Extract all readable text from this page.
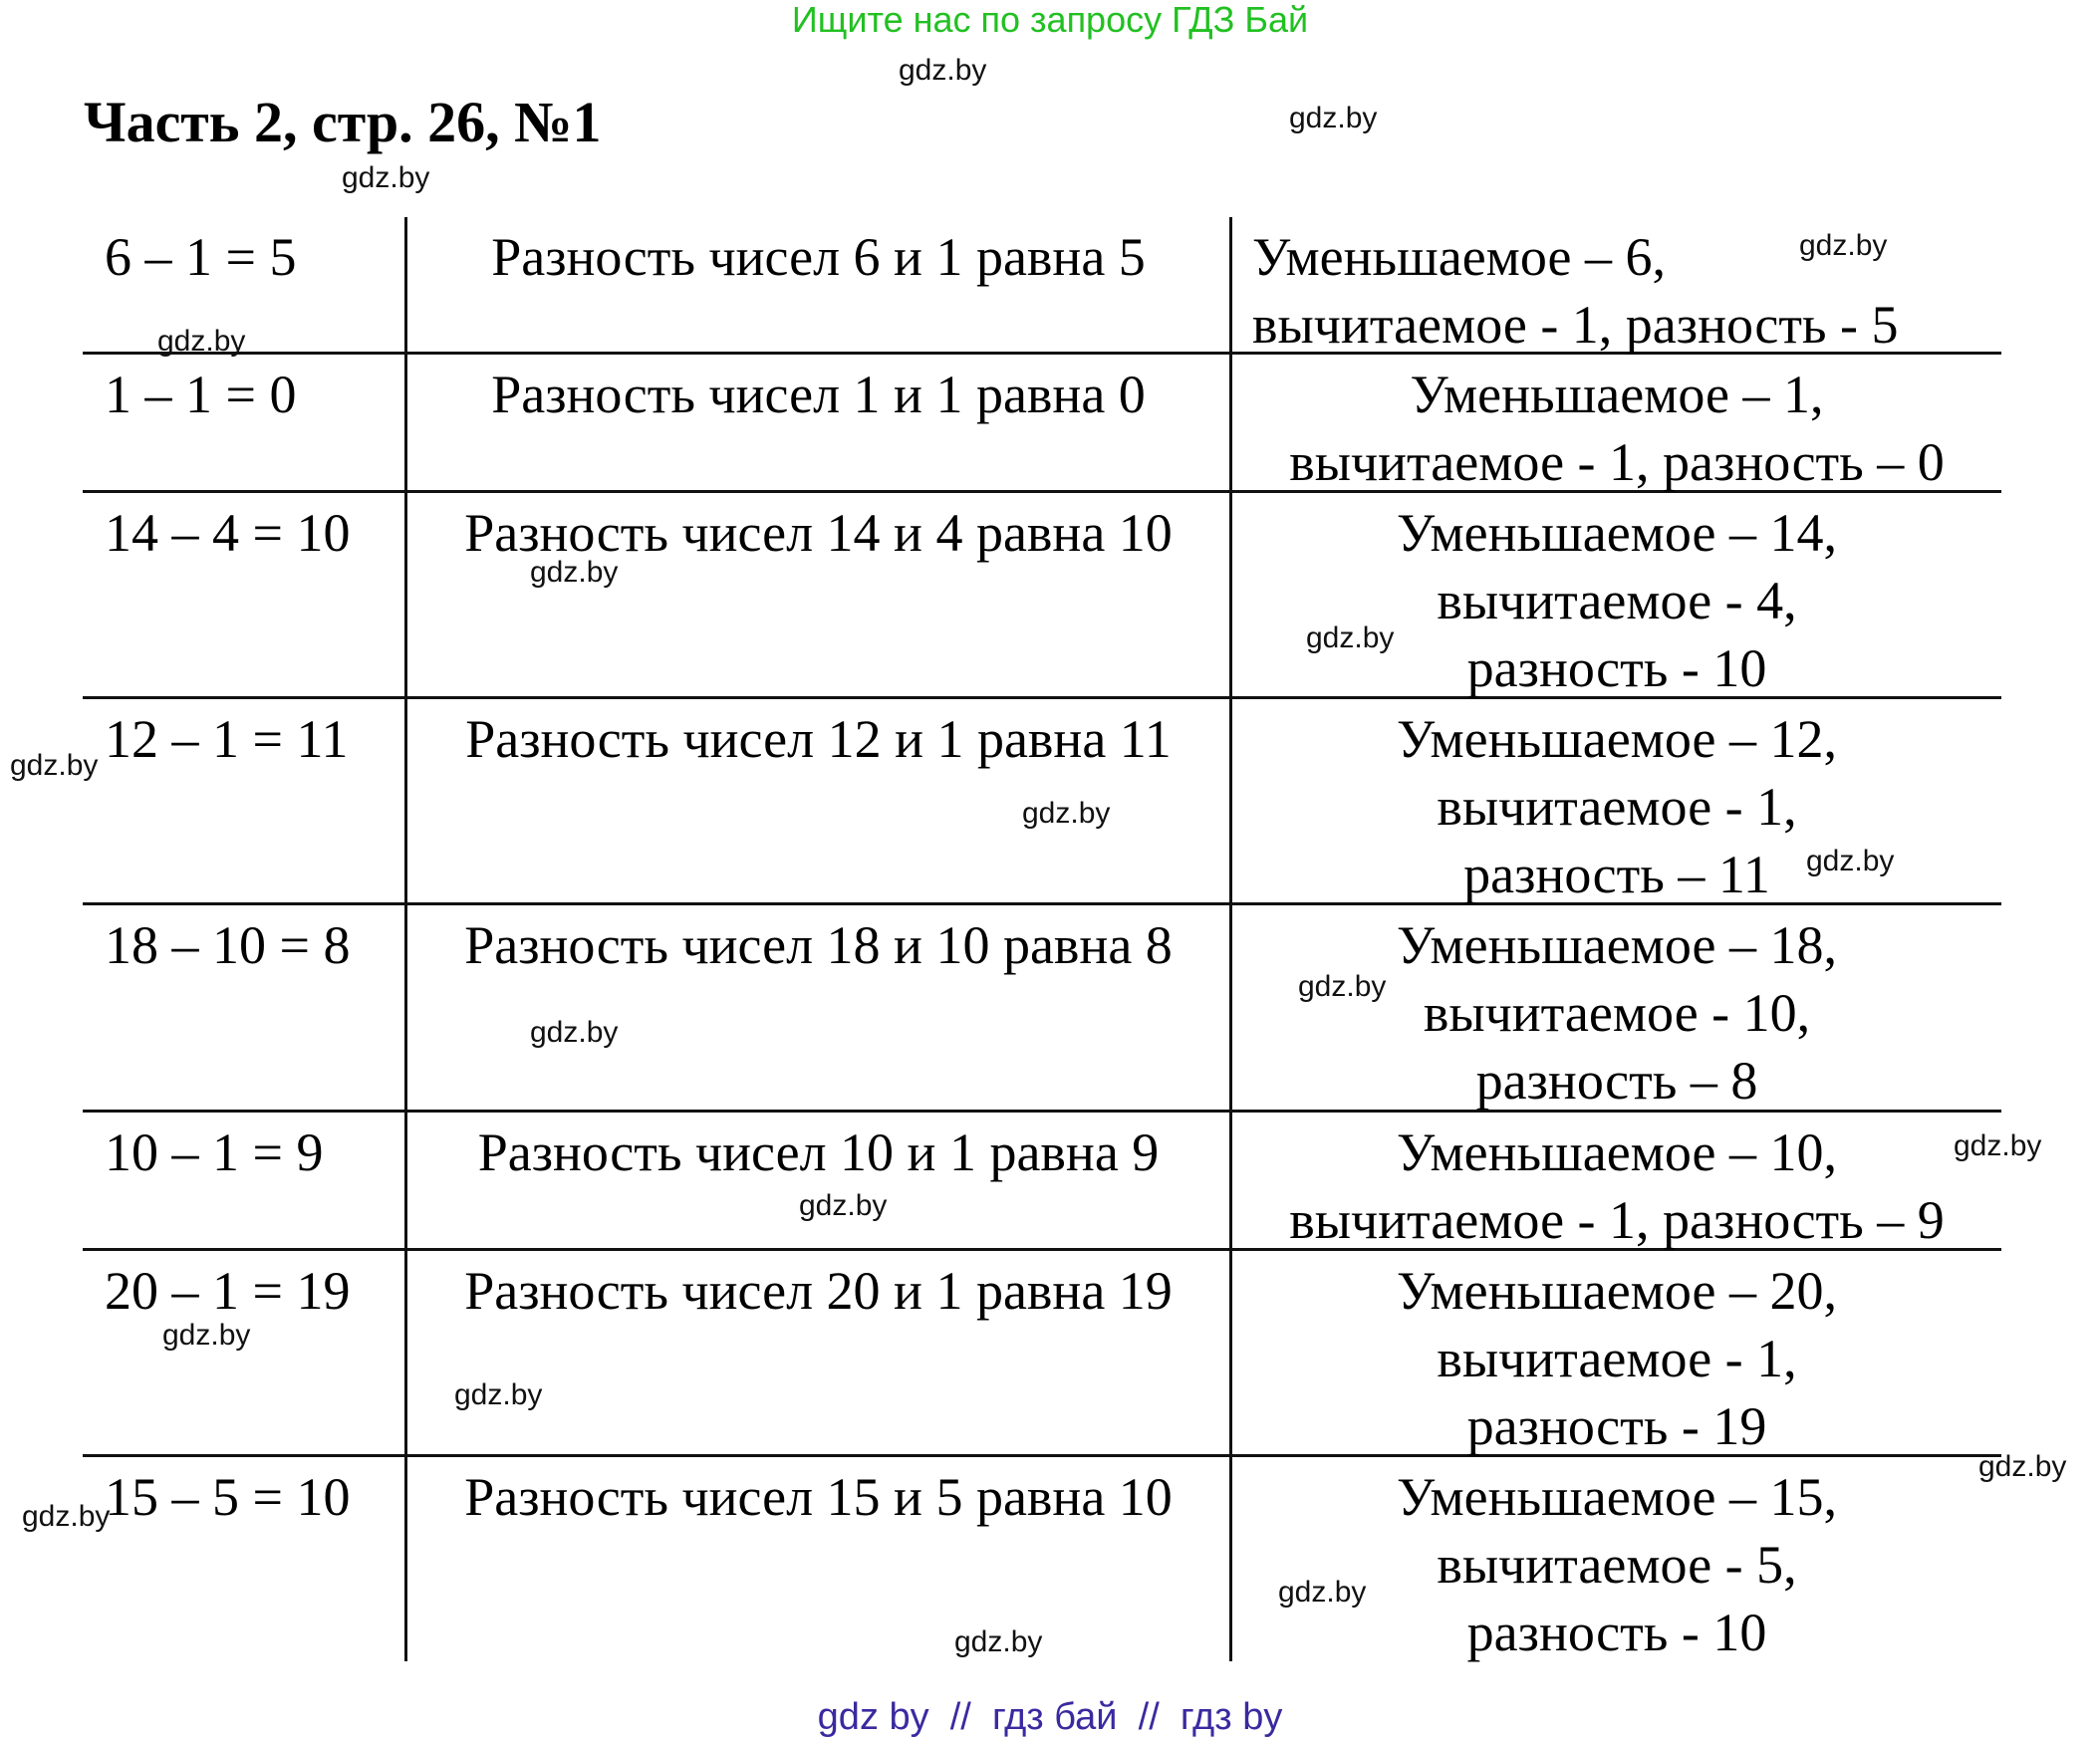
Ищите нас по запросу ГДЗ Бай
Часть 2, стр. 26, №1
6 – 1 = 5	Разность чисел 6 и 1 равна 5	Уменьшаемое – 6,
вычитаемое - 1, разность - 5
1 – 1 = 0	Разность чисел 1 и 1 равна 0	Уменьшаемое – 1,
вычитаемое - 1, разность – 0
14 – 4 = 10	Разность чисел 14 и 4 равна 10	Уменьшаемое – 14,
вычитаемое - 4,
разность - 10
12 – 1 = 11	Разность чисел 12 и 1 равна 11	Уменьшаемое – 12,
вычитаемое - 1,
разность – 11
18 – 10 = 8	Разность чисел 18 и 10 равна 8	Уменьшаемое – 18,
вычитаемое - 10,
разность – 8
10 – 1 = 9	Разность чисел 10 и 1 равна 9	Уменьшаемое – 10,
вычитаемое - 1, разность – 9
20 – 1 = 19	Разность чисел 20 и 1 равна 19	Уменьшаемое – 20,
вычитаемое - 1,
разность - 19
15 – 5 = 10	Разность чисел 15 и 5 равна 10	Уменьшаемое – 15,
вычитаемое - 5,
разность - 10
gdz.by
gdz.by
gdz.by
gdz.by
gdz.by
gdz.by
gdz.by
gdz.by
gdz.by
gdz.by
gdz.by
gdz.by
gdz.by
gdz.by
gdz.by
gdz.by
gdz.by
gdz.by
gdz.by
gdz.by
gdz by  //  гдз бай  //  гдз by
